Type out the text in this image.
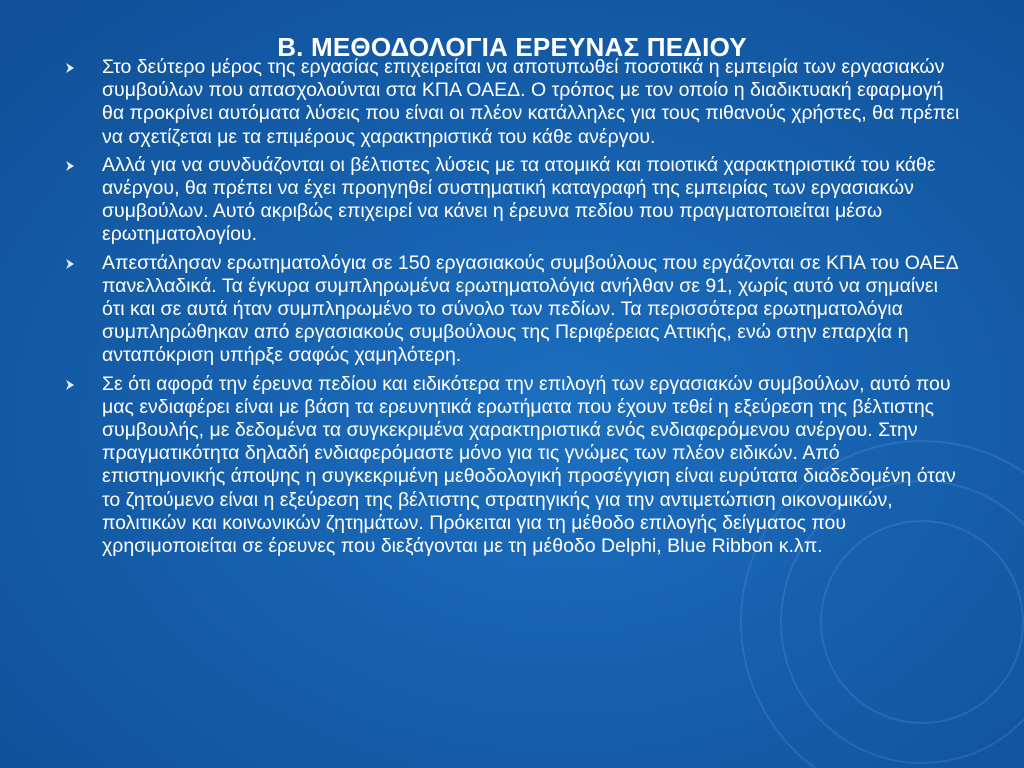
Β. ΜΕΘΟΔΟΛΟΓΙΑ ΕΡΕΥΝΑΣ ΠΕΔΙΟΥ
Στο δεύτερο μέρος της εργασίας επιχειρείται να αποτυπωθεί ποσοτικά η εμπειρία των εργασιακών συμβούλων που απασχολούνται στα ΚΠΑ ΟΑΕΔ. Ο τρόπος με τον οποίο η διαδικτυακή εφαρμογή θα προκρίνει αυτόματα λύσεις που είναι οι πλέον κατάλληλες για τους πιθανούς χρήστες, θα πρέπει να σχετίζεται με τα επιμέρους χαρακτηριστικά του κάθε ανέργου.
Αλλά για να συνδυάζονται οι βέλτιστες λύσεις με τα ατομικά και ποιοτικά χαρακτηριστικά του κάθε ανέργου, θα πρέπει να έχει προηγηθεί συστηματική καταγραφή της εμπειρίας των εργασιακών συμβούλων. Αυτό ακριβώς επιχειρεί να κάνει η έρευνα πεδίου που πραγματοποιείται μέσω ερωτηματολογίου.
Απεστάλησαν ερωτηματολόγια σε 150 εργασιακούς συμβούλους που εργάζονται σε ΚΠΑ του ΟΑΕΔ πανελλαδικά. Τα έγκυρα συμπληρωμένα ερωτηματολόγια ανήλθαν σε 91, χωρίς αυτό να σημαίνει ότι και σε αυτά ήταν συμπληρωμένο το σύνολο των πεδίων. Τα περισσότερα ερωτηματολόγια συμπληρώθηκαν από εργασιακούς συμβούλους της Περιφέρειας Αττικής, ενώ στην επαρχία η ανταπόκριση υπήρξε σαφώς χαμηλότερη.
Σε ότι αφορά την έρευνα πεδίου και ειδικότερα την επιλογή των εργασιακών συμβούλων, αυτό που μας ενδιαφέρει είναι με βάση τα ερευνητικά ερωτήματα που έχουν τεθεί η εξεύρεση της βέλτιστης συμβουλής, με δεδομένα τα συγκεκριμένα χαρακτηριστικά ενός ενδιαφερόμενου ανέργου. Στην πραγματικότητα δηλαδή ενδιαφερόμαστε μόνο για τις γνώμες των πλέον ειδικών. Από επιστημονικής άποψης η συγκεκριμένη μεθοδολογική προσέγγιση είναι ευρύτατα διαδεδομένη όταν το ζητούμενο είναι η εξεύρεση της βέλτιστης στρατηγικής για την αντιμετώπιση οικονομικών, πολιτικών και κοινωνικών ζητημάτων. Πρόκειται για τη μέθοδο επιλογής δείγματος που χρησιμοποιείται σε έρευνες που διεξάγονται με τη μέθοδο Delphi, Blue Ribbon κ.λπ.
